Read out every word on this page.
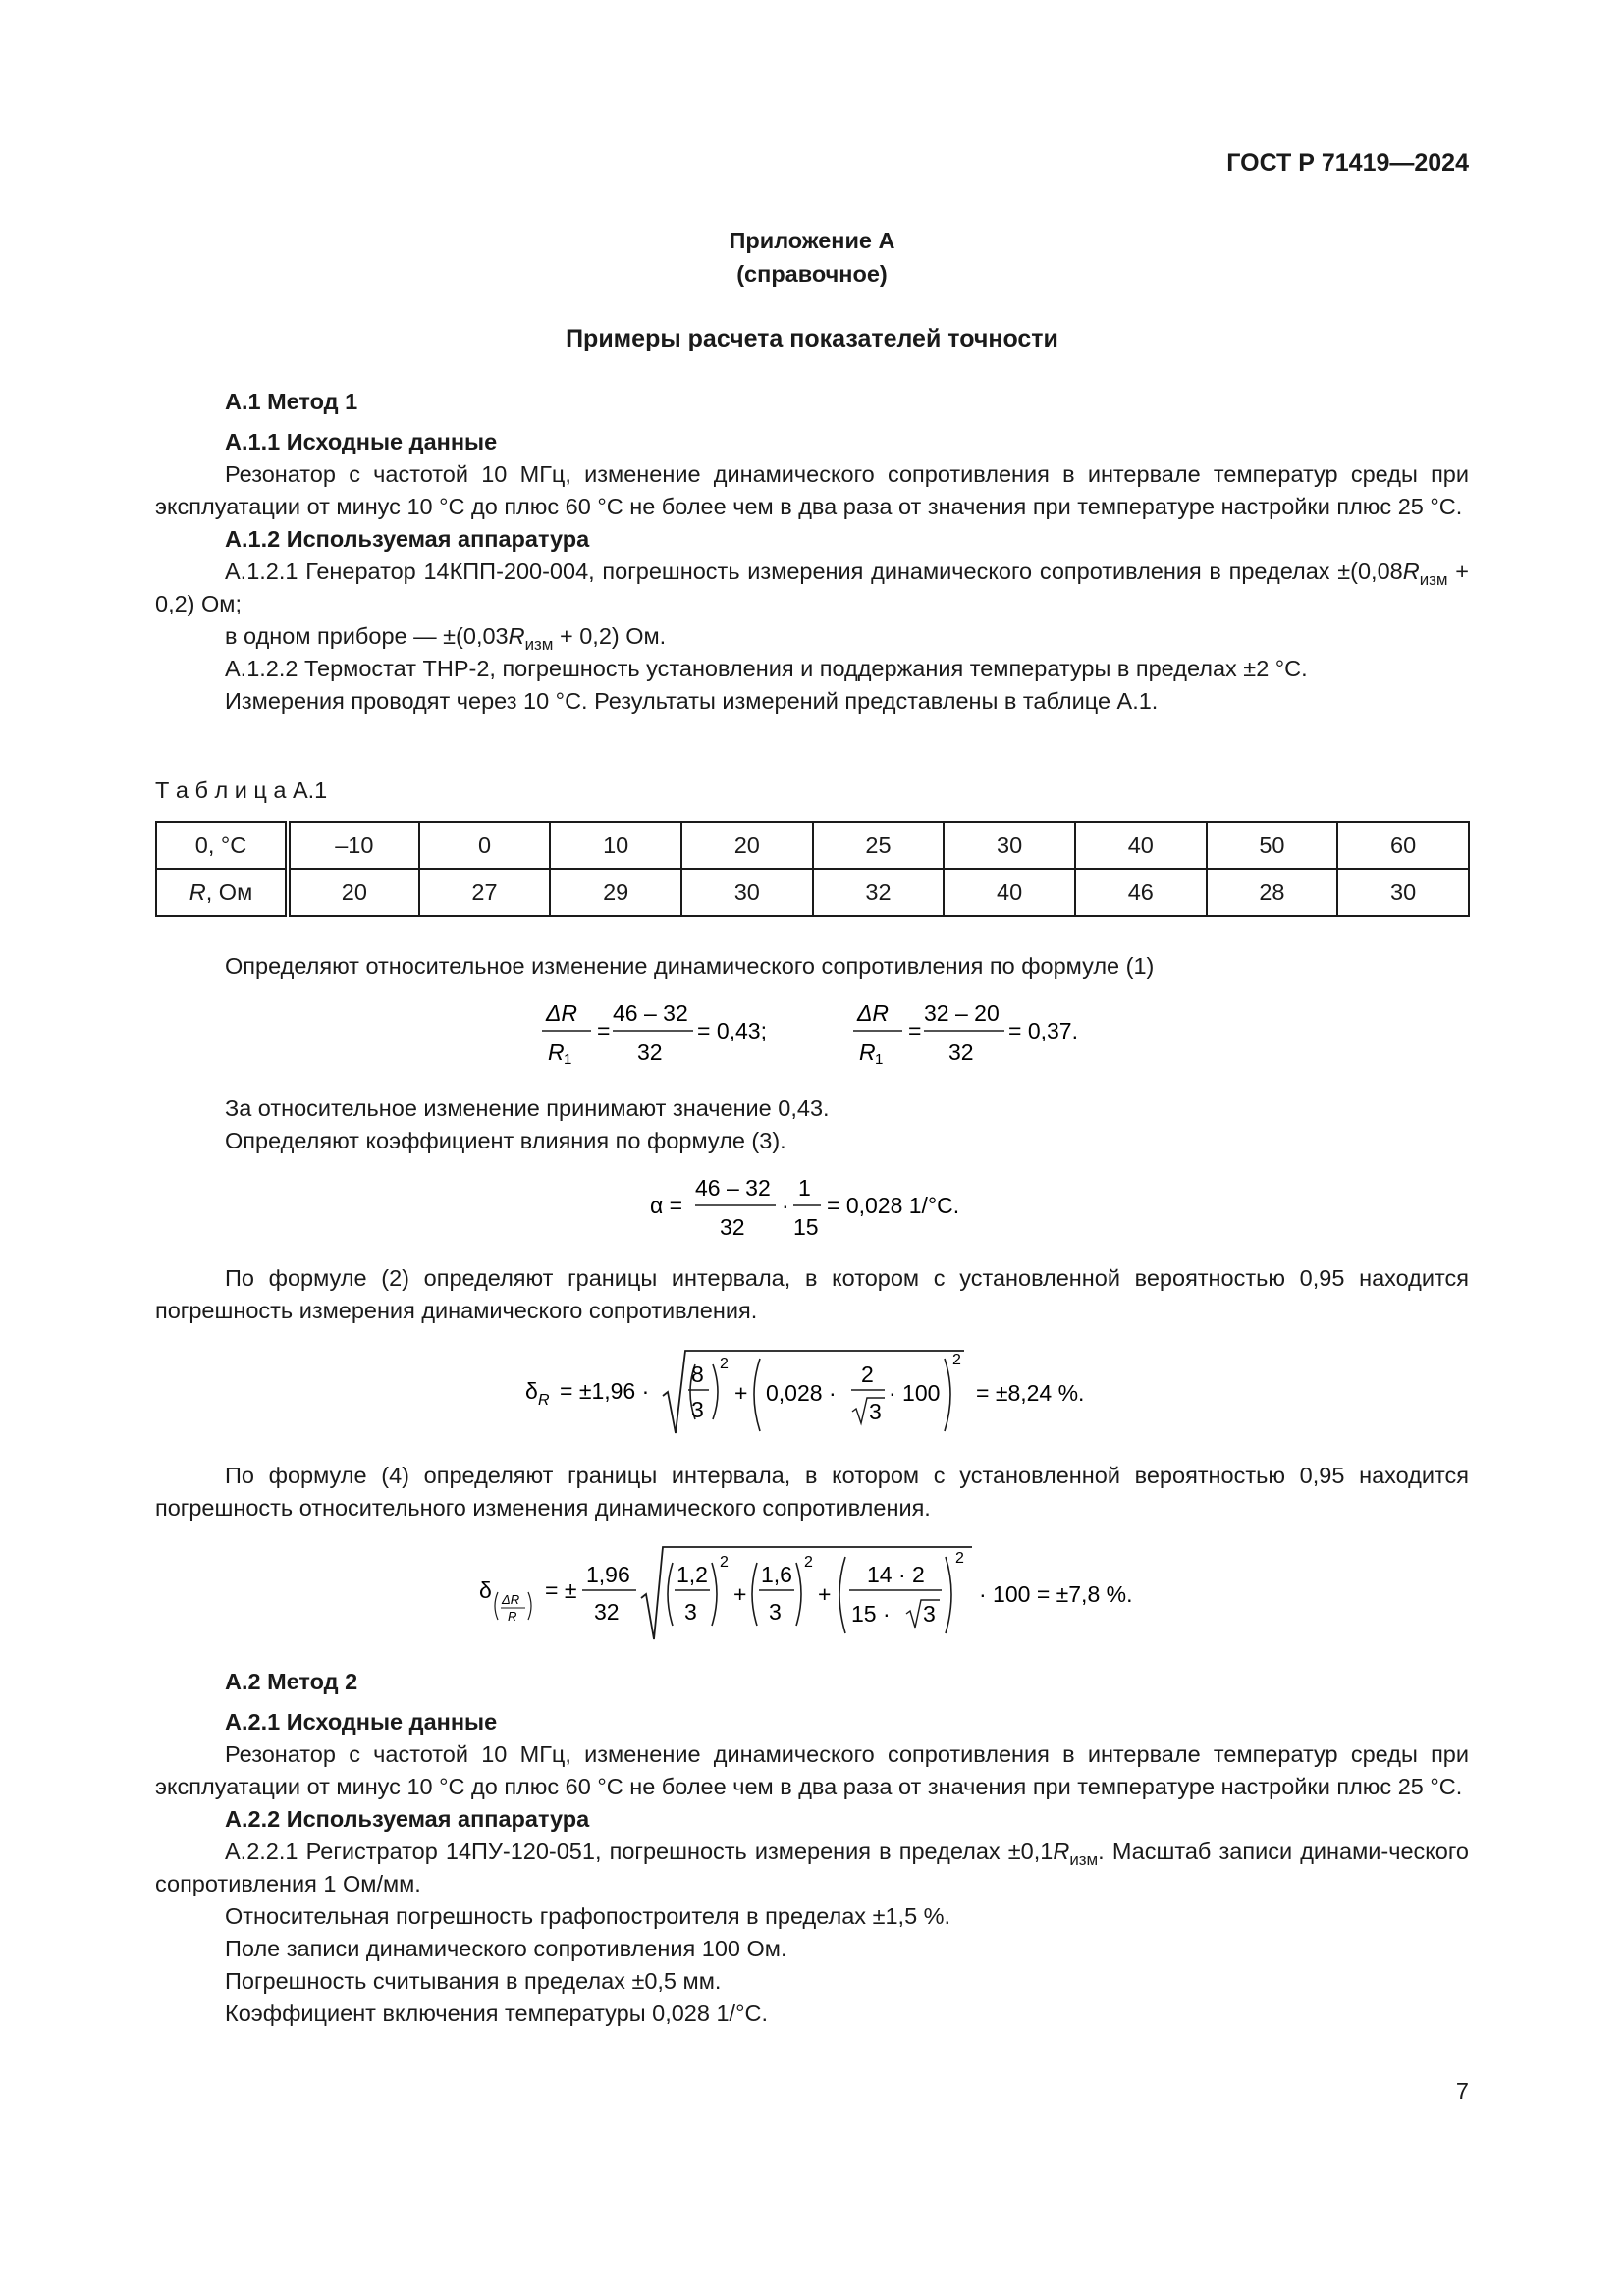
ГОСТ Р 71419—2024
Приложение А
(справочное)
Примеры расчета показателей точности

А.1 Метод 1

А.1.1 Исходные данные

Резонатор с частотой 10 МГц, изменение динамического сопротивления в интервале температур среды при эксплуатации от минус 10 °С до плюс 60 °С не более чем в два раза от значения при температуре настройки плюс 25 °С.

А.1.2 Используемая аппаратура

А.1.2.1 Генератор 14КПП-200-004, погрешность измерения динамического сопротивления в пределах $\pm(0,08R_{изм} + 0,2)$ Ом;

в одном приборе — $\pm(0,03R_{изм} + 0,2)$ Ом.

А.1.2.2 Термостат ТНР-2, погрешность установления и поддержания температуры в пределах ±2 °С.

Измерения проводят через 10 °С. Результаты измерений представлены в таблице А.1.

Т а б л и ц а А.1
0, °С	–10	0	10	20	25	30	40	50	60
R, Ом	20	27	29	30	32	40	46	28	30
Определяют относительное изменение динамического сопротивления по формуле (1)
ΔR
R 1
=
46 – 32
32
= 0,43;
ΔR
R 1
=
32 – 20
32
= 0,37.
За относительное изменение принимают значение 0,43.
Определяют коэффициент влияния по формуле (3).
α =
46 – 32
32
·
1
15
= 0,028 1/°С.

По формуле (2) определяют границы интервала, в котором с установленной вероятностью 0,95 находится погрешность измерения динамического сопротивления.

δ R = ±1,96 ·
8
3
2
+ 0,028 ·
2
3
· 100
2
= ±8,24 %.

По формуле (4) определяют границы интервала, в котором с установленной вероятностью 0,95 находится погрешность относительного изменения динамического сопротивления.

δ ΔR
R
= ±
1,96
32
1,2
3
2
+
1,6
3
2
+
14 · 2
15 · 3
2
· 100 = ±7,8 %.

А.2 Метод 2

А.2.1 Исходные данные

Резонатор с частотой 10 МГц, изменение динамического сопротивления в интервале температур среды при эксплуатации от минус 10 °С до плюс 60 °С не более чем в два раза от значения при температуре настройки плюс 25 °С.

А.2.2 Используемая аппаратура

А.2.2.1 Регистратор 14ПУ-120-051, погрешность измерения в пределах $\pm 0,1R_{изм}$. Масштаб записи динами-ческого сопротивления 1 Ом/мм.

Относительная погрешность графопостроителя в пределах ±1,5 %.

Поле записи динамического сопротивления 100 Ом.

Погрешность считывания в пределах ±0,5 мм.

Коэффициент включения температуры 0,028 1/°С.

7
